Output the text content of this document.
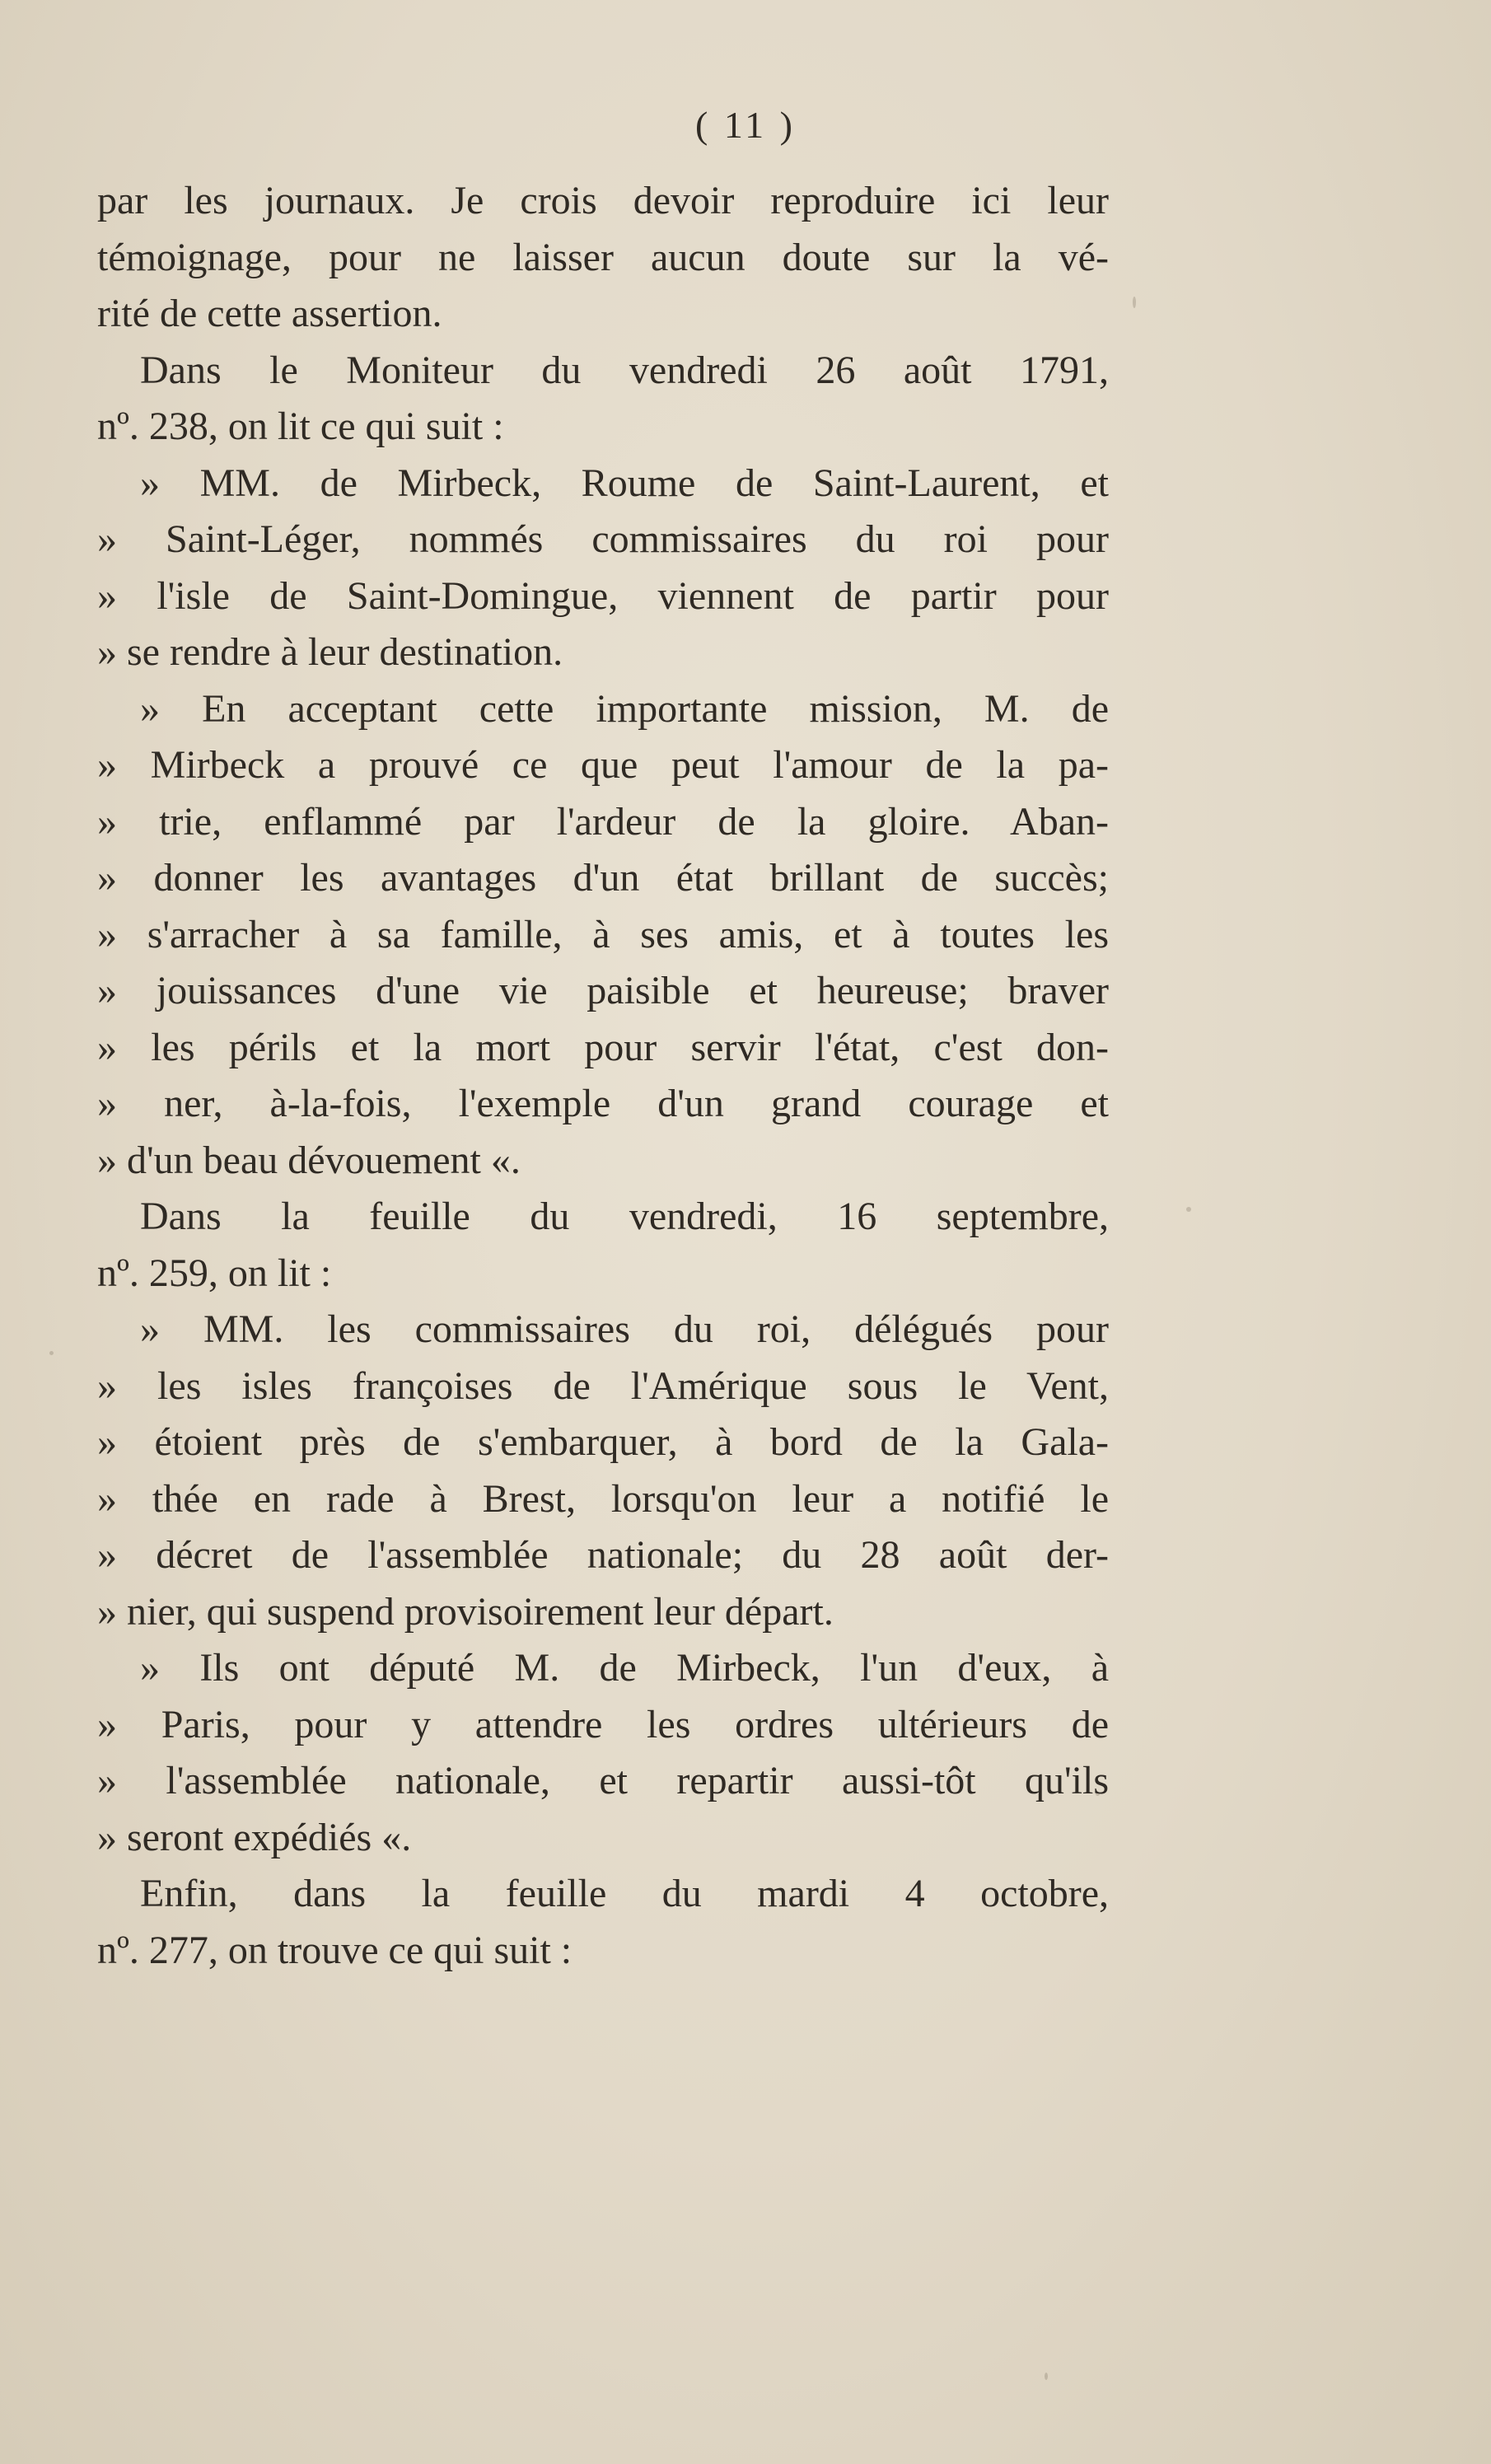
( 11 )
par les journaux. Je crois devoir reproduire ici leur
témoignage, pour ne laisser aucun doute sur la vé-
rité de cette assertion.
Dans le Moniteur du vendredi 26 août 1791,
nº. 238, on lit ce qui suit :
» MM. de Mirbeck, Roume de Saint-Laurent, et
» Saint-Léger, nommés commissaires du roi pour
» l'isle de Saint-Domingue, viennent de partir pour
» se rendre à leur destination.
» En acceptant cette importante mission, M. de
» Mirbeck a prouvé ce que peut l'amour de la pa-
» trie, enflammé par l'ardeur de la gloire. Aban-
» donner les avantages d'un état brillant de succès;
» s'arracher à sa famille, à ses amis, et à toutes les
» jouissances d'une vie paisible et heureuse; braver
» les périls et la mort pour servir l'état, c'est don-
» ner, à-la-fois, l'exemple d'un grand courage et
» d'un beau dévouement «.
Dans la feuille du vendredi, 16 septembre,
nº. 259, on lit :
» MM. les commissaires du roi, délégués pour
» les isles françoises de l'Amérique sous le Vent,
» étoient près de s'embarquer, à bord de la Gala-
» thée en rade à Brest, lorsqu'on leur a notifié le
» décret de l'assemblée nationale; du 28 août der-
» nier, qui suspend provisoirement leur départ.
» Ils ont député M. de Mirbeck, l'un d'eux, à
» Paris, pour y attendre les ordres ultérieurs de
» l'assemblée nationale, et repartir aussi-tôt qu'ils
» seront expédiés «.
Enfin, dans la feuille du mardi 4 octobre,
nº. 277, on trouve ce qui suit :
